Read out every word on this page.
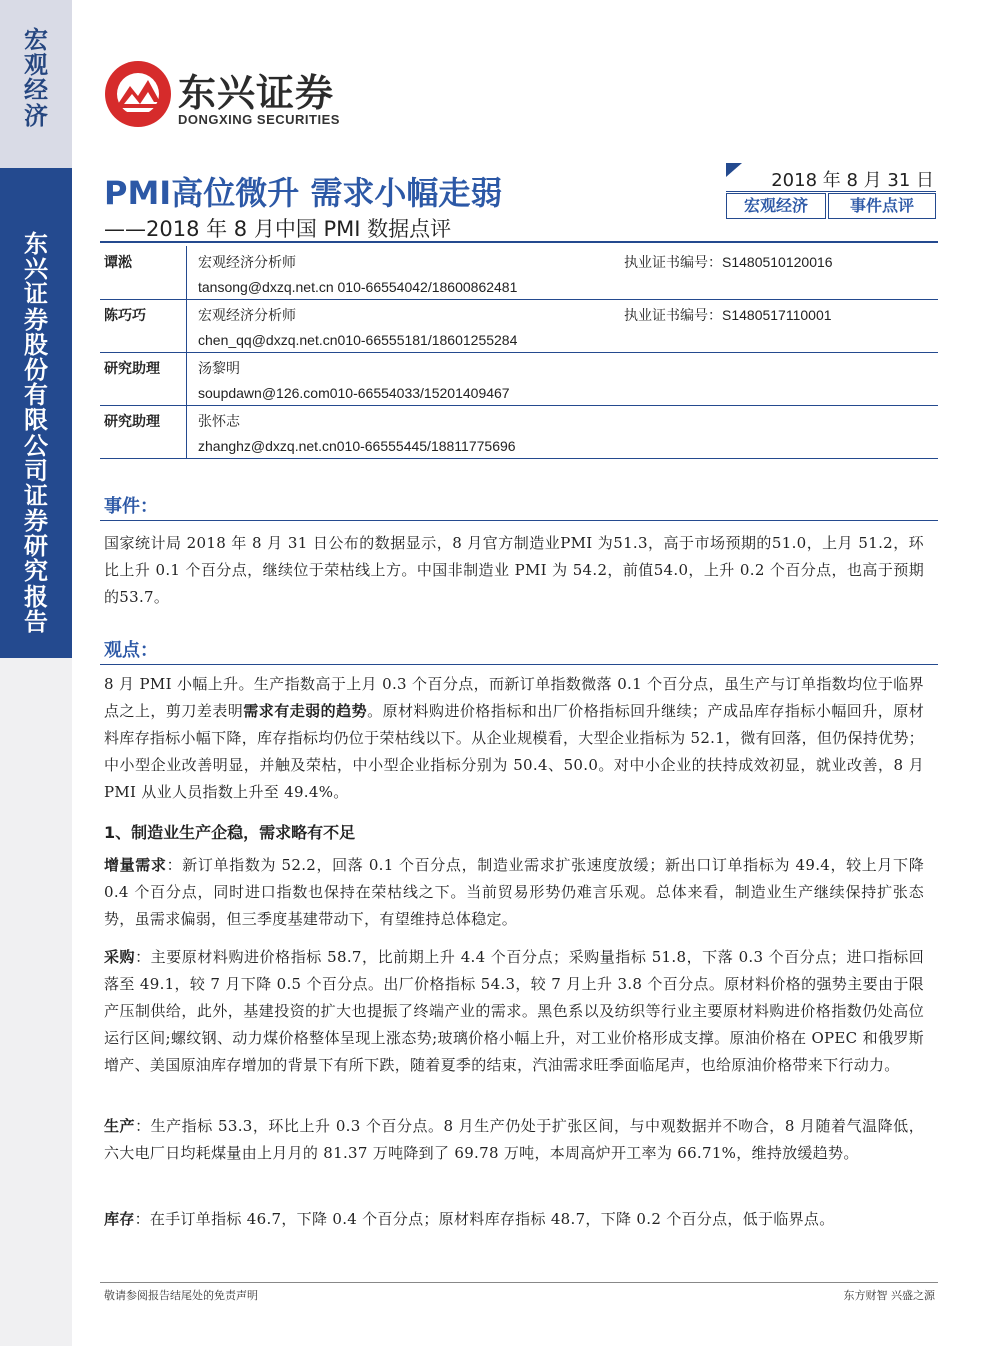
宏
观
经
济
东
兴
证
券
股
份
有
限
公
司
证
券
研
究
报
告
东兴证券
DONGXING SECURITIES
PMI高位微升 需求小幅走弱
——2018 年 8 月中国 PMI 数据点评
2018 年 8 月 31 日
宏观经济	事件点评
谭淞	宏观经济分析师	执业证书编号：S1480510120016
tansong@dxzq.net.cn 010-66554042/18600862481
陈巧巧	宏观经济分析师	执业证书编号：S1480517110001
chen_qq@dxzq.net.cn010-66555181/18601255284
研究助理	汤黎明
soupdawn@126.com010-66554033/15201409467
研究助理	张怀志
zhanghz@dxzq.net.cn010-66555445/18811775696
事件：
国家统计局 2018 年 8 月 31 日公布的数据显示，8 月官方制造业PMI 为51.3，高于市场预期的51.0，上月 51.2，环比上升 0.1 个百分点，继续位于荣枯线上方。中国非制造业 PMI 为 54.2，前值54.0，上升 0.2 个百分点，也高于预期的53.7。
观点：
8 月 PMI 小幅上升。生产指数高于上月 0.3 个百分点，而新订单指数微落 0.1 个百分点，虽生产与订单指数均位于临界点之上，剪刀差表明需求有走弱的趋势。原材料购进价格指标和出厂价格指标回升继续；产成品库存指标小幅回升，原材料库存指标小幅下降，库存指标均仍位于荣枯线以下。从企业规模看，大型企业指标为 52.1，微有回落，但仍保持优势；中小型企业改善明显，并触及荣枯，中小型企业指标分别为 50.4、50.0。对中小企业的扶持成效初显，就业改善，8 月 PMI 从业人员指数上升至 49.4%。
1、制造业生产企稳，需求略有不足
增量需求：新订单指数为 52.2，回落 0.1 个百分点，制造业需求扩张速度放缓；新出口订单指标为 49.4，较上月下降 0.4 个百分点，同时进口指数也保持在荣枯线之下。当前贸易形势仍难言乐观。总体来看，制造业生产继续保持扩张态势，虽需求偏弱，但三季度基建带动下，有望维持总体稳定。
采购：主要原材料购进价格指标 58.7，比前期上升 4.4 个百分点；采购量指标 51.8，下落 0.3 个百分点；进口指标回落至 49.1，较 7 月下降 0.5 个百分点。出厂价格指标 54.3，较 7 月上升 3.8 个百分点。原材料价格的强势主要由于限产压制供给，此外，基建投资的扩大也提振了终端产业的需求。黑色系以及纺织等行业主要原材料购进价格指数仍处高位运行区间;螺纹钢、动力煤价格整体呈现上涨态势;玻璃价格小幅上升，对工业价格形成支撑。原油价格在 OPEC 和俄罗斯增产、美国原油库存增加的背景下有所下跌，随着夏季的结束，汽油需求旺季面临尾声，也给原油价格带来下行动力。
生产：生产指标 53.3，环比上升 0.3 个百分点。8 月生产仍处于扩张区间，与中观数据并不吻合，8 月随着气温降低，六大电厂日均耗煤量由上月月的 81.37 万吨降到了 69.78 万吨，本周高炉开工率为 66.71%，维持放缓趋势。
库存：在手订单指标 46.7，下降 0.4 个百分点；原材料库存指标 48.7，下降 0.2 个百分点，低于临界点。
敬请参阅报告结尾处的免责声明	东方财智 兴盛之源
